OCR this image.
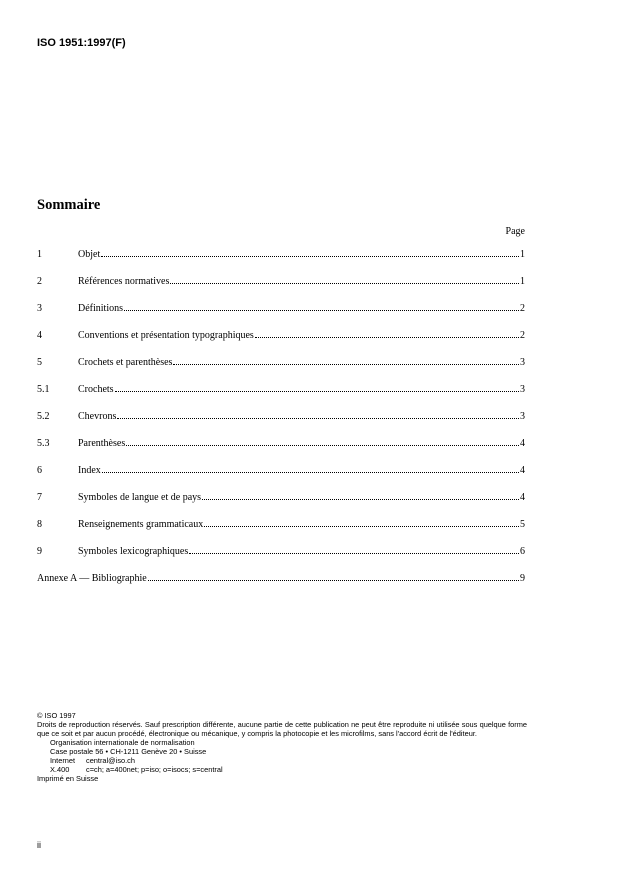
ISO 1951:1997(F)
Sommaire
Page
1	Objet	1
2	Références normatives	1
3	Définitions	2
4	Conventions et présentation typographiques	2
5	Crochets et parenthèses	3
5.1	Crochets	3
5.2	Chevrons	3
5.3	Parenthèses	4
6	Index	4
7	Symboles de langue et de pays	4
8	Renseignements grammaticaux	5
9	Symboles lexicographiques	6
Annexe A — Bibliographie	9
© ISO 1997
Droits de reproduction réservés. Sauf prescription différente, aucune partie de cette publication ne peut être reproduite ni utilisée sous quelque forme que ce soit et par aucun procédé, électronique ou mécanique, y compris la photocopie et les microfilms, sans l'accord écrit de l'éditeur.
Organisation internationale de normalisation
Case postale 56 • CH-1211 Genève 20 • Suisse
Internet	central@iso.ch
X.400	c=ch; a=400net; p=iso; o=isocs; s=central
Imprimé en Suisse
ii
